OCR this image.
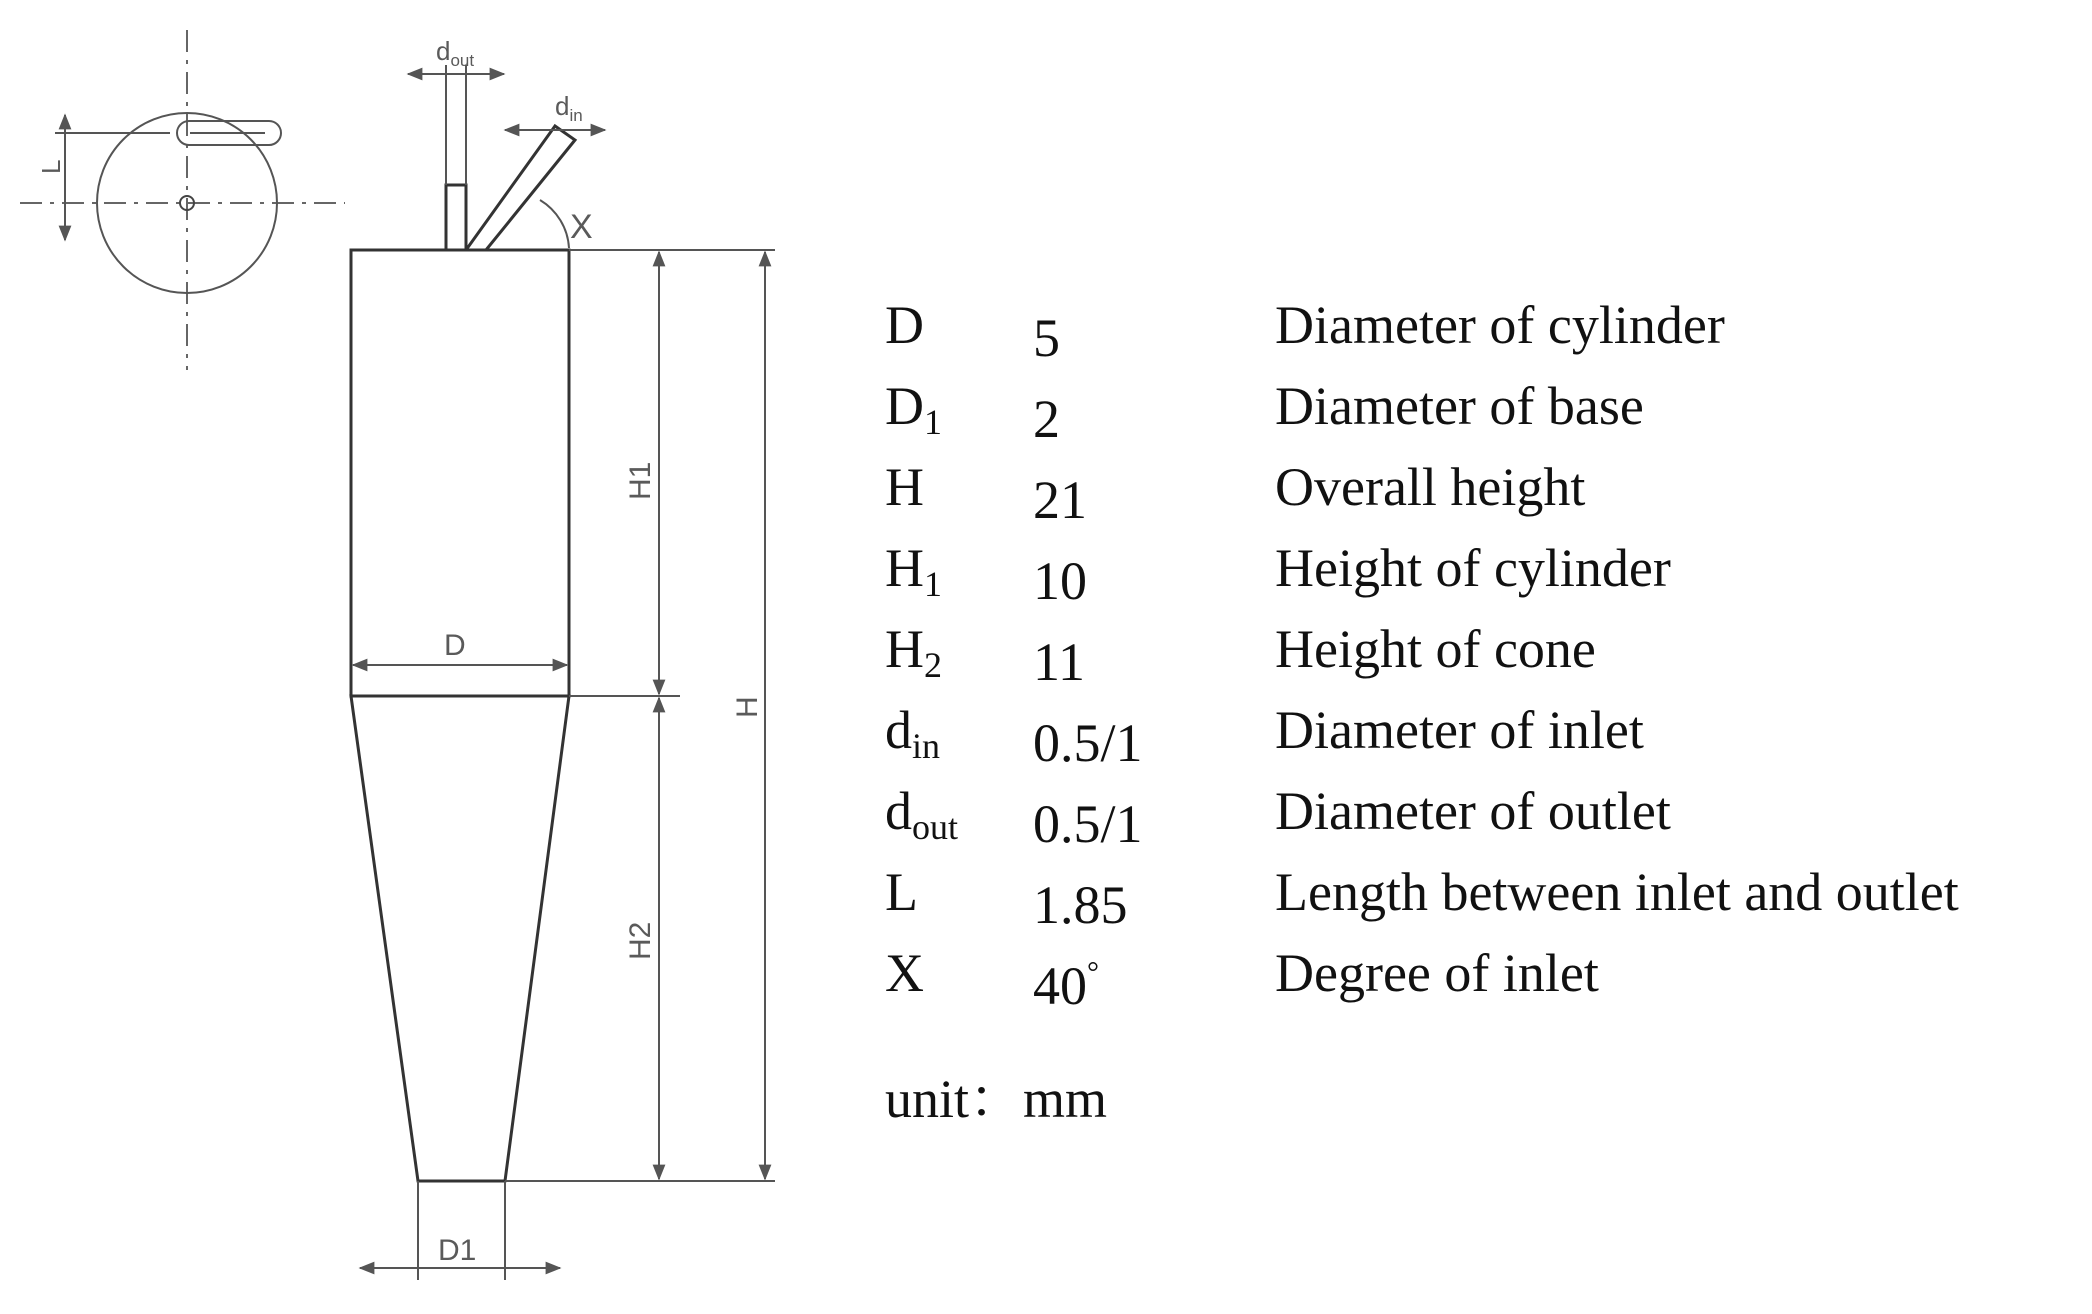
L
$d_{out}$
$d_{in}$
X
H1
H2
H
D
D1
D	5	Diameter of cylinder
$D_1$	2	Diameter of base
H	21	Overall height
$H_1$	10	Height of cylinder
$H_2$	11	Height of cone
$d_{in}$	0.5/1	Diameter of inlet
$d_{out}$	0.5/1	Diameter of outlet
L	1.85	Length between inlet and outlet
X	40°	Degree of inlet
unit：mm
